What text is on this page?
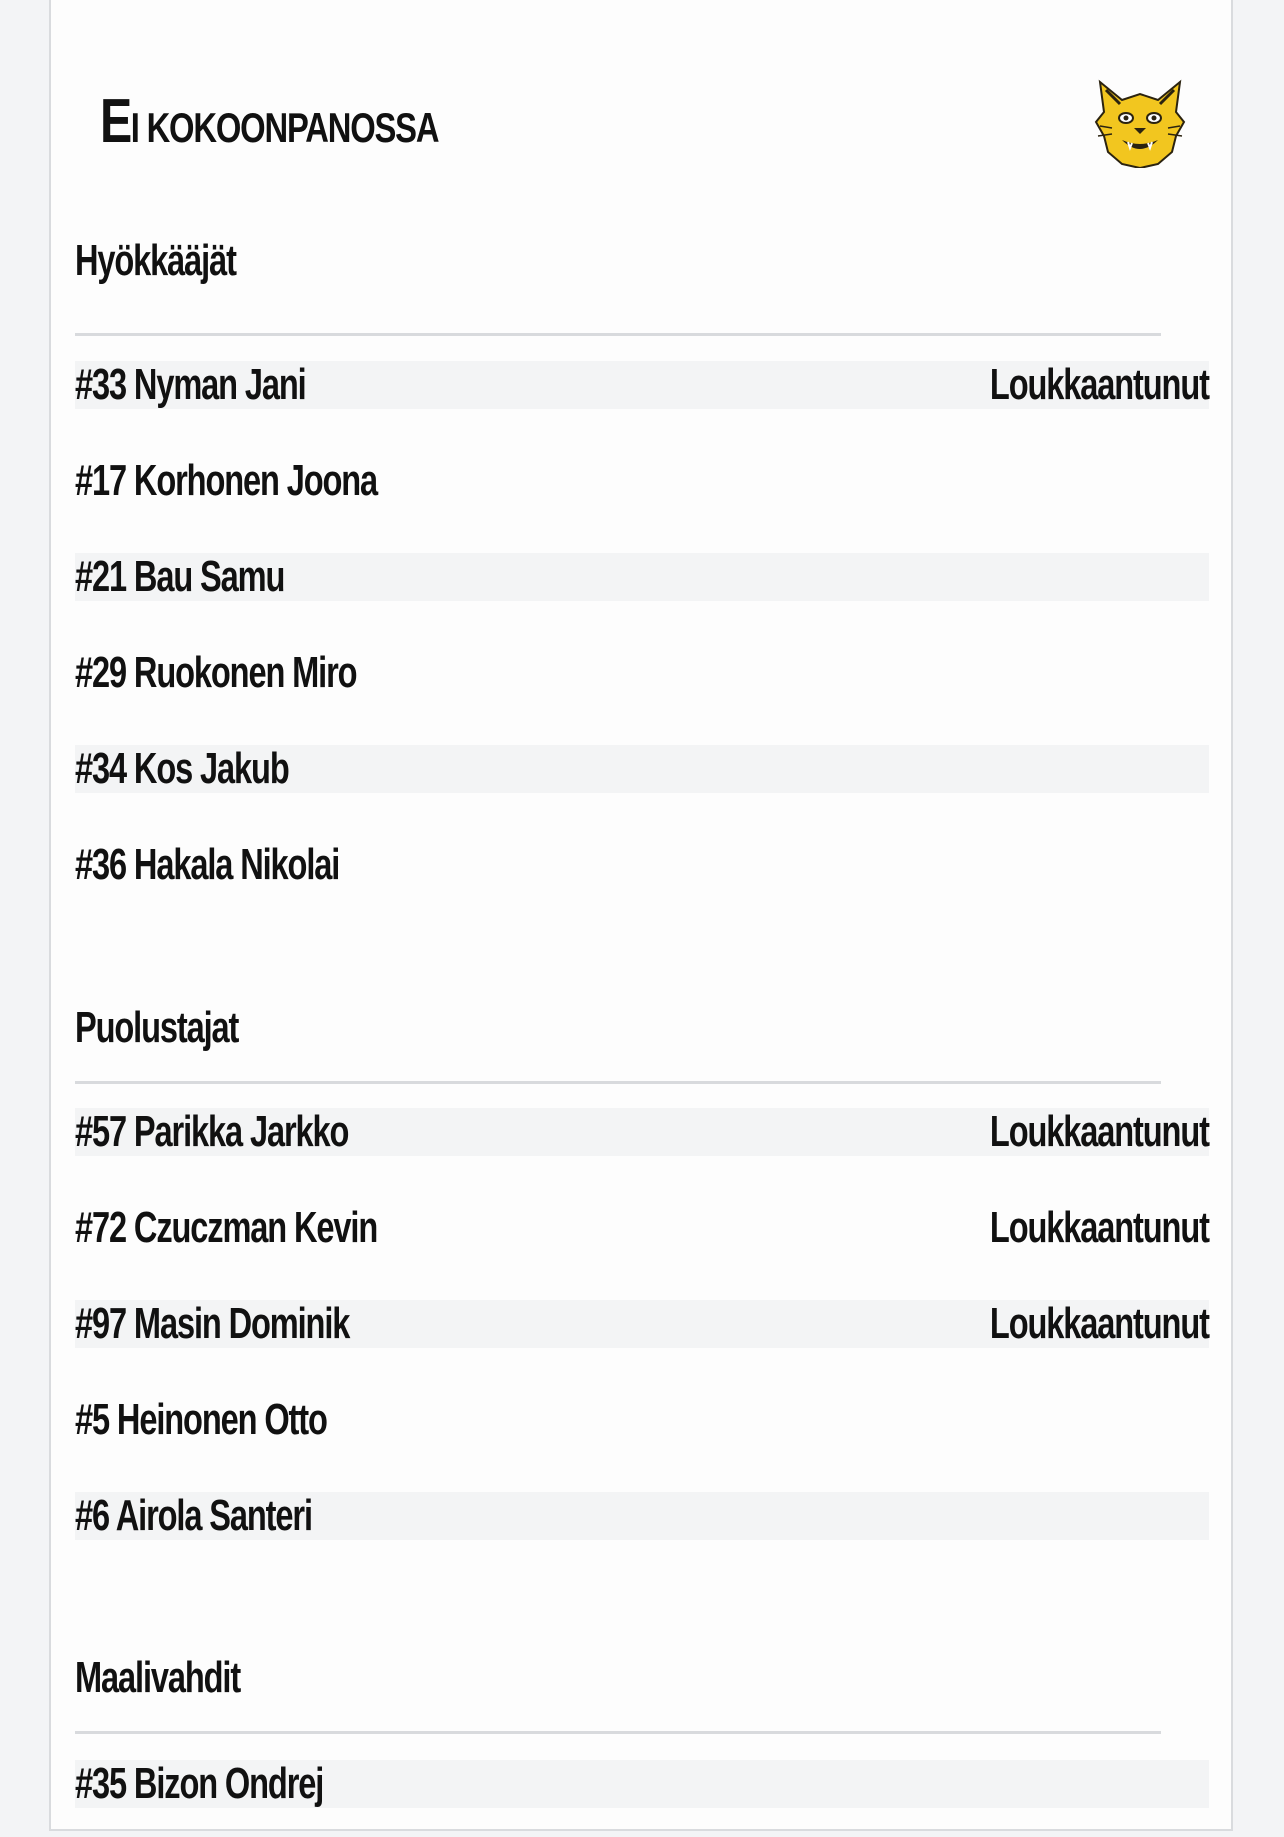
EI KOKOONPANOSSA
Hyökkääjät
#33 Nyman Jani	Loukkaantunut
#17 Korhonen Joona
#21 Bau Samu
#29 Ruokonen Miro
#34 Kos Jakub
#36 Hakala Nikolai
Puolustajat
#57 Parikka Jarkko	Loukkaantunut
#72 Czuczman Kevin	Loukkaantunut
#97 Masin Dominik	Loukkaantunut
#5 Heinonen Otto
#6 Airola Santeri
Maalivahdit
#35 Bizon Ondrej
